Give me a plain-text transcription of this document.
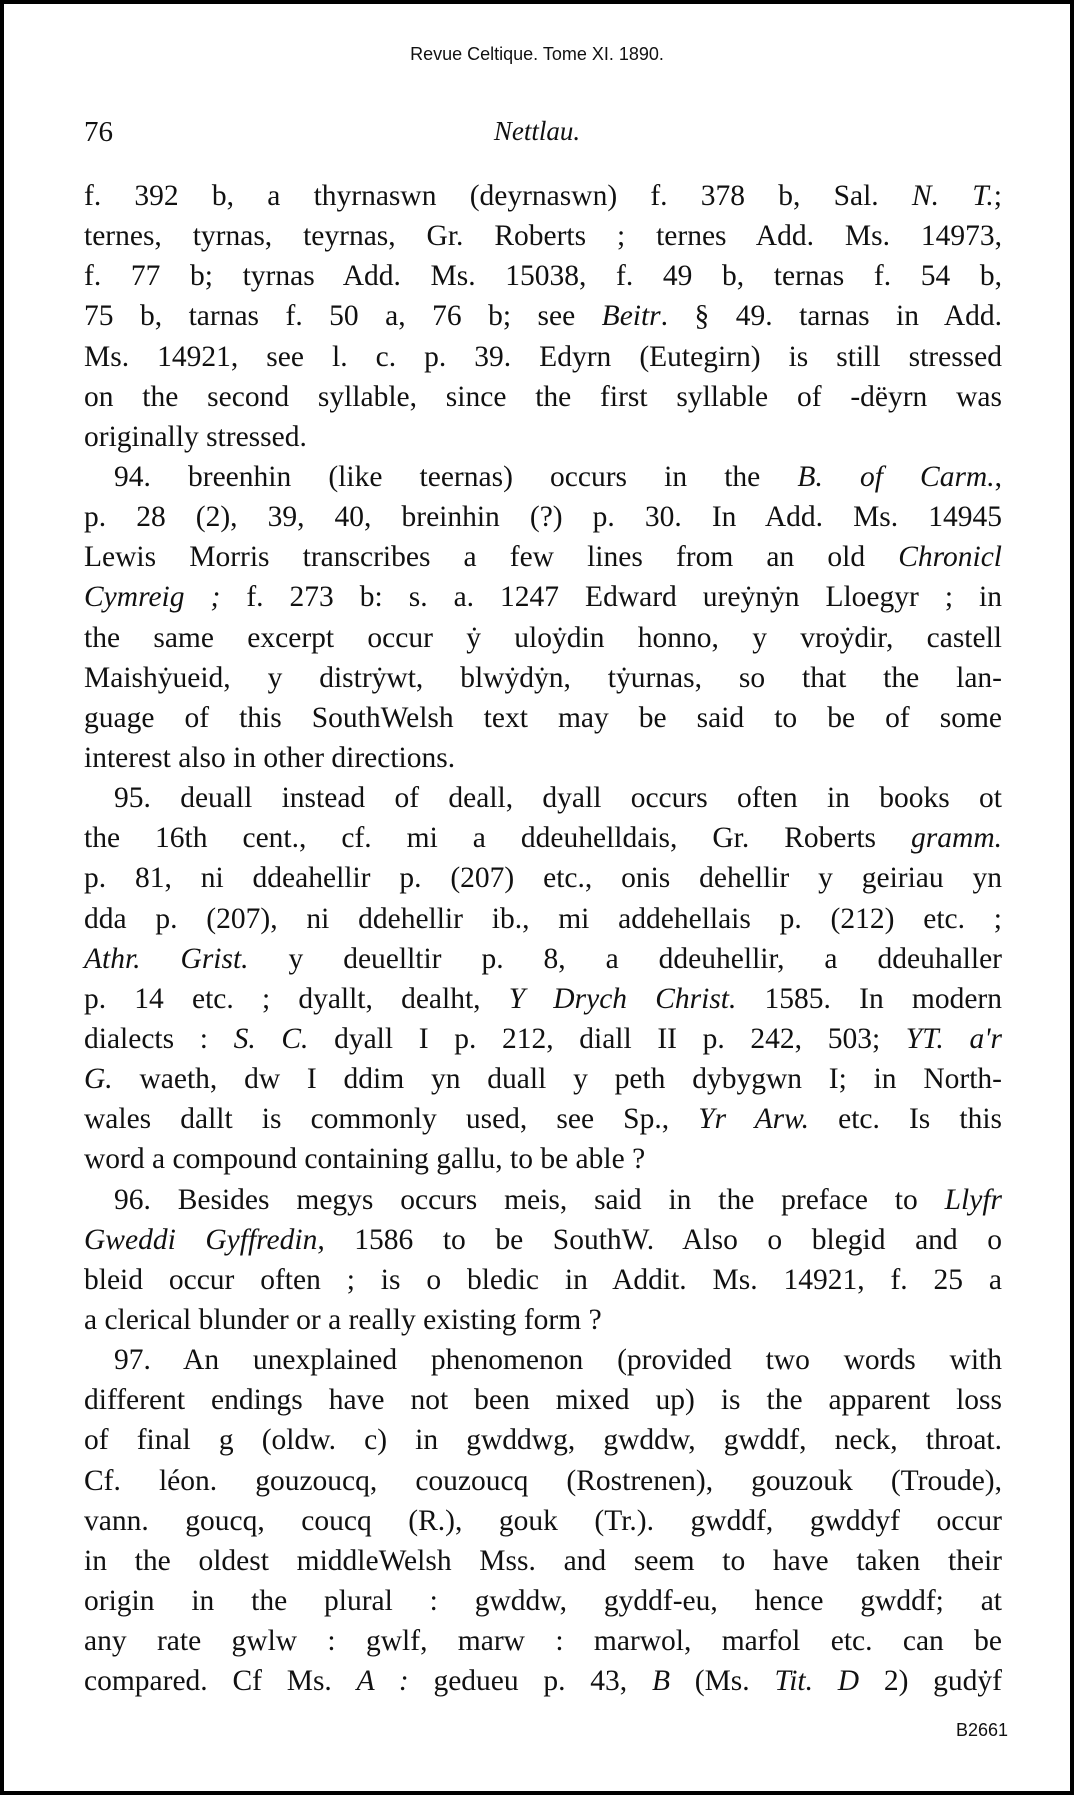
Revue Celtique. Tome XI. 1890.
76	Nettlau.
f. 392 b, a thyrnaswn (deyrnaswn) f. 378 b, Sal. N. T.;
ternes, tyrnas, teyrnas, Gr. Roberts ; ternes Add. Ms. 14973,
f. 77 b; tyrnas Add. Ms. 15038, f. 49 b, ternas f. 54 b,
75 b, tarnas f. 50 a, 76 b; see Beitr. § 49. tarnas in Add.
Ms. 14921, see l. c. p. 39. Edyrn (Eutegirn) is still stressed
on the second syllable, since the first syllable of -dëyrn was
originally stressed.
94. breenhin (like teernas) occurs in the B. of Carm.,
p. 28 (2), 39, 40, breinhin (?) p. 30. In Add. Ms. 14945
Lewis Morris transcribes a few lines from an old Chronicl
Cymreig ; f. 273 b: s. a. 1247 Edward ureẏnẏn Lloegyr ; in
the same excerpt occur ẏ uloẏdin honno, y vroẏdir, castell
Maishẏueid, y distrẏwt, blwẏdẏn, tẏurnas, so that the lan-
guage of this SouthWelsh text may be said to be of some
interest also in other directions.
95. deuall instead of deall, dyall occurs often in books ot
the 16th cent., cf. mi a ddeuhelldais, Gr. Roberts gramm.
p. 81, ni ddeahellir p. (207) etc., onis dehellir y geiriau yn
dda p. (207), ni ddehellir ib., mi addehellais p. (212) etc. ;
Athr. Grist. y deuelltir p. 8, a ddeuhellir, a ddeuhaller
p. 14 etc. ; dyallt, dealht, Y Drych Christ. 1585. In modern
dialects : S. C. dyall I p. 212, diall II p. 242, 503; YT. a'r
G. waeth, dw I ddim yn duall y peth dybygwn I; in North-
wales dallt is commonly used, see Sp., Yr Arw. etc. Is this
word a compound containing gallu, to be able ?
96. Besides megys occurs meis, said in the preface to Llyfr
Gweddi Gyffredin, 1586 to be SouthW. Also o blegid and o
bleid occur often ; is o bledic in Addit. Ms. 14921, f. 25 a
a clerical blunder or a really existing form ?
97. An unexplained phenomenon (provided two words with
different endings have not been mixed up) is the apparent loss
of final g (oldw. c) in gwddwg, gwddw, gwddf, neck, throat.
Cf. léon. gouzoucq, couzoucq (Rostrenen), gouzouk (Troude),
vann. goucq, coucq (R.), gouk (Tr.). gwddf, gwddyf occur
in the oldest middleWelsh Mss. and seem to have taken their
origin in the plural : gwddw, gyddf-eu, hence gwddf; at
any rate gwlw : gwlf, marw : marwol, marfol etc. can be
compared. Cf Ms. A : gedueu p. 43, B (Ms. Tit. D 2) gudẏf
B2661
